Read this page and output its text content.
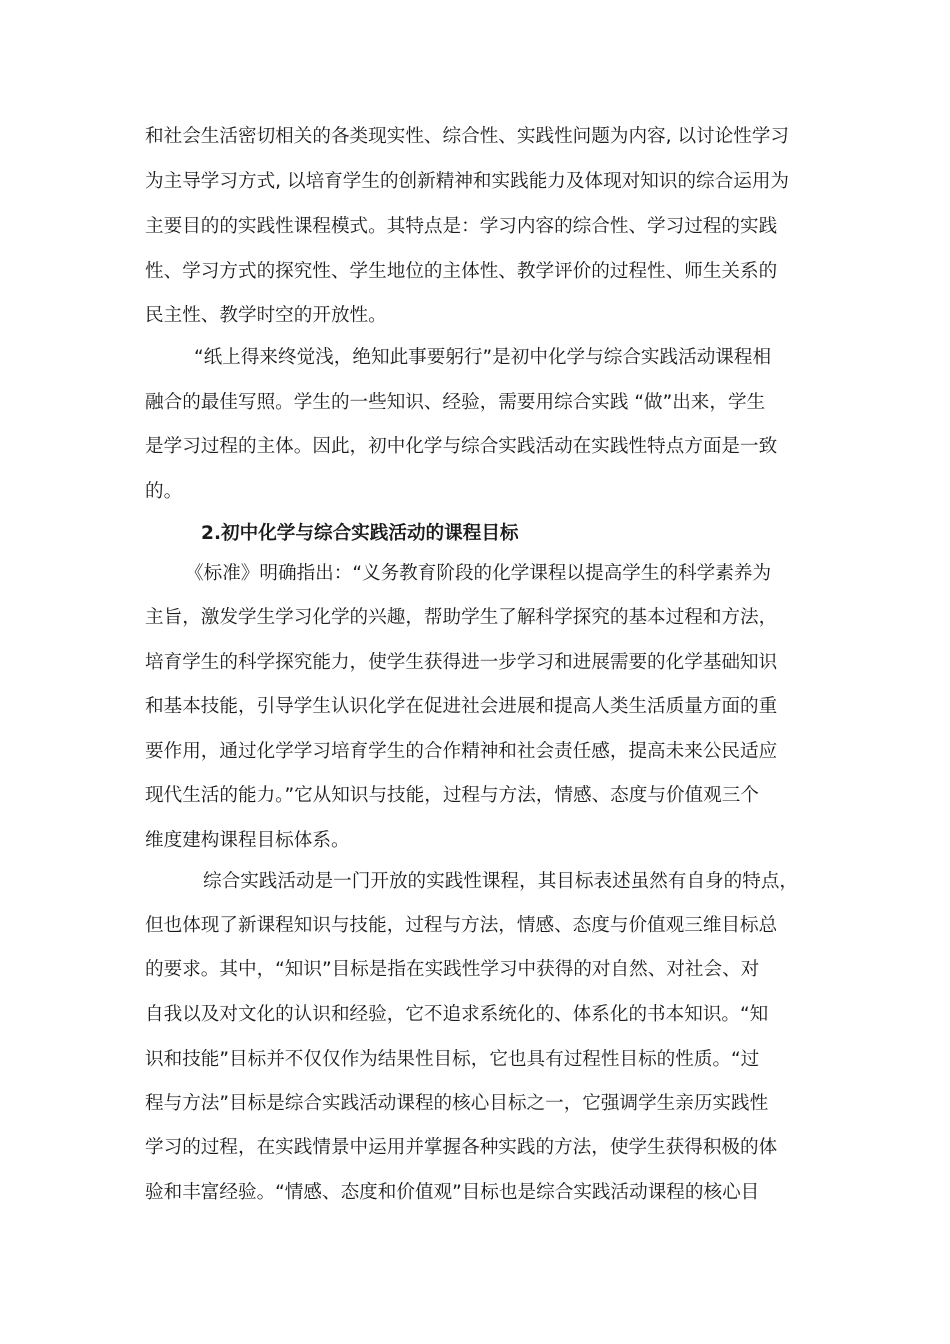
和社会生活密切相关的各类现实性、综合性、实践性问题为内容, 以讨论性学习
为主导学习方式, 以培育学生的创新精神和实践能力及体现对知识的综合运用为
主要目的的实践性课程模式。其特点是：学习内容的综合性、学习过程的实践
性、学习方式的探究性、学生地位的主体性、教学评价的过程性、师生关系的
民主性、教学时空的开放性。
“纸上得来终觉浅，绝知此事要躬行”是初中化学与综合实践活动课程相
融合的最佳写照。学生的一些知识、经验，需要用综合实践 “做”出来，学生
是学习过程的主体。因此，初中化学与综合实践活动在实践性特点方面是一致
的。
2.初中化学与综合实践活动的课程目标
《标准》明确指出：“义务教育阶段的化学课程以提高学生的科学素养为
主旨，激发学生学习化学的兴趣，帮助学生了解科学探究的基本过程和方法，
培育学生的科学探究能力，使学生获得进一步学习和进展需要的化学基础知识
和基本技能，引导学生认识化学在促进社会进展和提高人类生活质量方面的重
要作用，通过化学学习培育学生的合作精神和社会责任感，提高未来公民适应
现代生活的能力。”它从知识与技能，过程与方法，情感、态度与价值观三个
维度建构课程目标体系。
综合实践活动是一门开放的实践性课程，其目标表述虽然有自身的特点，
但也体现了新课程知识与技能，过程与方法，情感、态度与价值观三维目标总
的要求。其中，“知识”目标是指在实践性学习中获得的对自然、对社会、对
自我以及对文化的认识和经验，它不追求系统化的、体系化的书本知识。“知
识和技能”目标并不仅仅作为结果性目标，它也具有过程性目标的性质。“过
程与方法”目标是综合实践活动课程的核心目标之一，它强调学生亲历实践性
学习的过程，在实践情景中运用并掌握各种实践的方法，使学生获得积极的体
验和丰富经验。“情感、态度和价值观”目标也是综合实践活动课程的核心目
